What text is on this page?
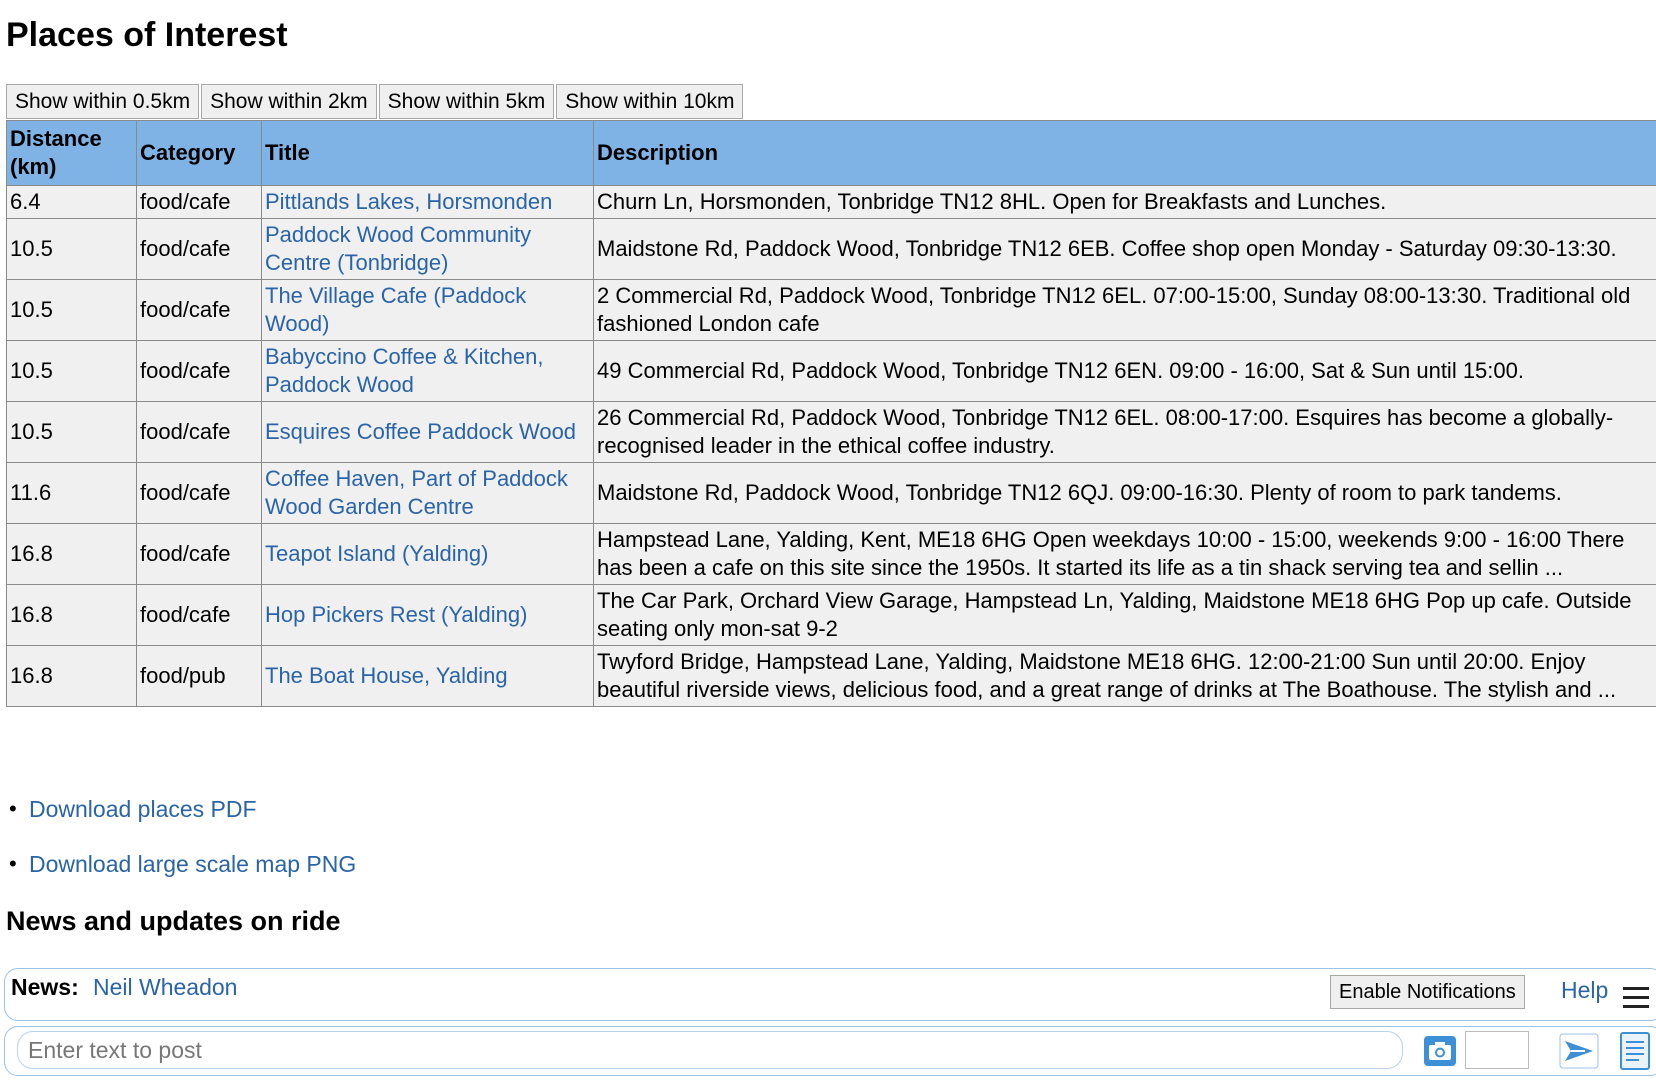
Places of Interest
Show within 0.5km Show within 2km Show within 5km Show within 10km
Distance
(km)	Category	Title	Description
6.4	food/cafe	Pittlands Lakes, Horsmonden	Churn Ln, Horsmonden, Tonbridge TN12 8HL. Open for Breakfasts and Lunches.
10.5	food/cafe	Paddock Wood Community Centre (Tonbridge)	Maidstone Rd, Paddock Wood, Tonbridge TN12 6EB. Coffee shop open Monday - Saturday 09:30-13:30.
10.5	food/cafe	The Village Cafe (Paddock Wood)	2 Commercial Rd, Paddock Wood, Tonbridge TN12 6EL. 07:00-15:00, Sunday 08:00-13:30. Traditional old fashioned London cafe
10.5	food/cafe	Babyccino Coffee & Kitchen, Paddock Wood	49 Commercial Rd, Paddock Wood, Tonbridge TN12 6EN. 09:00 - 16:00, Sat & Sun until 15:00.
10.5	food/cafe	Esquires Coffee Paddock Wood	26 Commercial Rd, Paddock Wood, Tonbridge TN12 6EL. 08:00-17:00. Esquires has become a globally-recognised leader in the ethical coffee industry.
11.6	food/cafe	Coffee Haven, Part of Paddock Wood Garden Centre	Maidstone Rd, Paddock Wood, Tonbridge TN12 6QJ. 09:00-16:30. Plenty of room to park tandems.
16.8	food/cafe	Teapot Island (Yalding)	Hampstead Lane, Yalding, Kent, ME18 6HG Open weekdays 10:00 - 15:00, weekends 9:00 - 16:00 There has been a cafe on this site since the 1950s. It started its life as a tin shack serving tea and sellin ...
16.8	food/cafe	Hop Pickers Rest (Yalding)	The Car Park, Orchard View Garage, Hampstead Ln, Yalding, Maidstone ME18 6HG Pop up cafe. Outside seating only mon-sat 9-2
16.8	food/pub	The Boat House, Yalding	Twyford Bridge, Hampstead Lane, Yalding, Maidstone ME18 6HG. 12:00-21:00 Sun until 20:00. Enjoy beautiful riverside views, delicious food, and a great range of drinks at The Boathouse. The stylish and ...
• Download places PDF
• Download large scale map PNG
News and updates on ride
News: Neil Wheadon	Enable Notifications	Help
Enter text to post
